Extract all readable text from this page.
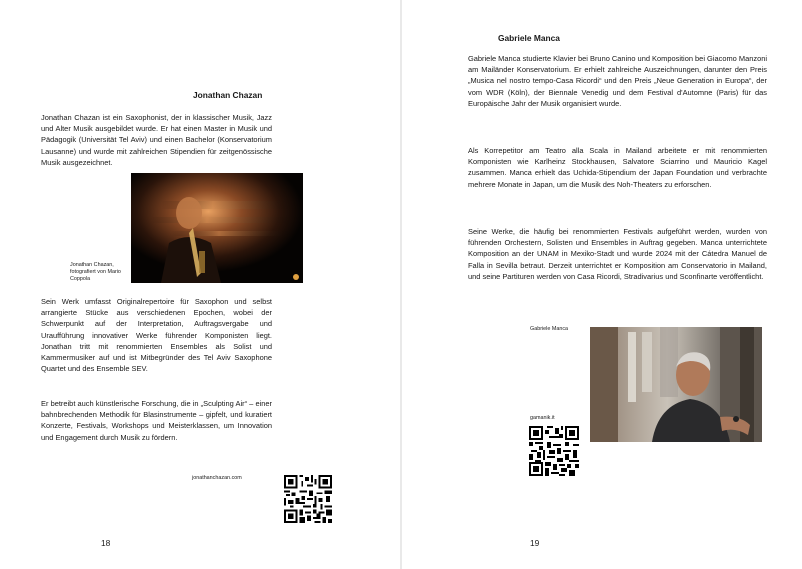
Jonathan Chazan

Jonathan Chazan ist ein Saxophonist, der in klassischer Musik, Jazz und Alter Musik ausgebildet wurde. Er hat einen Master in Musik und Pädagogik (Universität Tel Aviv) und einen Bachelor (Konservatorium Lausanne) und wurde mit zahlreichen Stipendien für zeitgenössische Musik ausgezeichnet.

Jonathan Chazan, fotografiert von Mario Coppola

Sein Werk umfasst Originalrepertoire für Saxophon und selbst arrangierte Stücke aus verschiedenen Epochen, wobei der Schwerpunkt auf der Interpretation, Auftragsvergabe und Uraufführung innovativer Werke führender Komponisten liegt. Jonathan tritt mit renommierten Ensembles als Solist und Kammermusiker auf und ist Mitbegründer des Tel Aviv Saxophone Quartet und des Ensemble SEV.

Er betreibt auch künstlerische Forschung, die in „Sculpting Air“ – einer bahnbrechenden Methodik für Blasinstrumente – gipfelt, und kuratiert Konzerte, Festivals, Workshops und Meisterklassen, um Innovation und Engagement durch Musik zu fördern.

jonathanchazan.com
18
Gabriele Manca

Gabriele Manca studierte Klavier bei Bruno Canino und Komposition bei Giacomo Manzoni am Mailänder Konservatorium. Er erhielt zahlreiche Auszeichnungen, darunter den Preis „Musica nel nostro tempo-Casa Ricordi“ und den Preis „Neue Generation in Europa“, der vom WDR (Köln), der Biennale Venedig und dem Festival d'Automne (Paris) für das Europäische Jahr der Musik organisiert wurde.

Als Korrepetitor am Teatro alla Scala in Mailand arbeitete er mit renommierten Komponisten wie Karlheinz Stockhausen, Salvatore Sciarrino und Mauricio Kagel zusammen. Manca erhielt das Uchida-Stipendium der Japan Foundation und verbrachte mehrere Monate in Japan, um die Musik des Noh-Theaters zu erforschen.

Seine Werke, die häufig bei renommierten Festivals aufgeführt werden, wurden von führenden Orchestern, Solisten und Ensembles in Auftrag gegeben. Manca unterrichtete Komposition an der UNAM in Mexiko-Stadt und wurde 2024 mit der Cátedra Manuel de Falla in Sevilla betraut. Derzeit unterrichtet er Komposition am Conservatorio in Mailand, und seine Partituren werden von Casa Ricordi, Stradivarius und Sconfinarte veröffentlicht.

Gabriele Manca
gamanik.it
19
